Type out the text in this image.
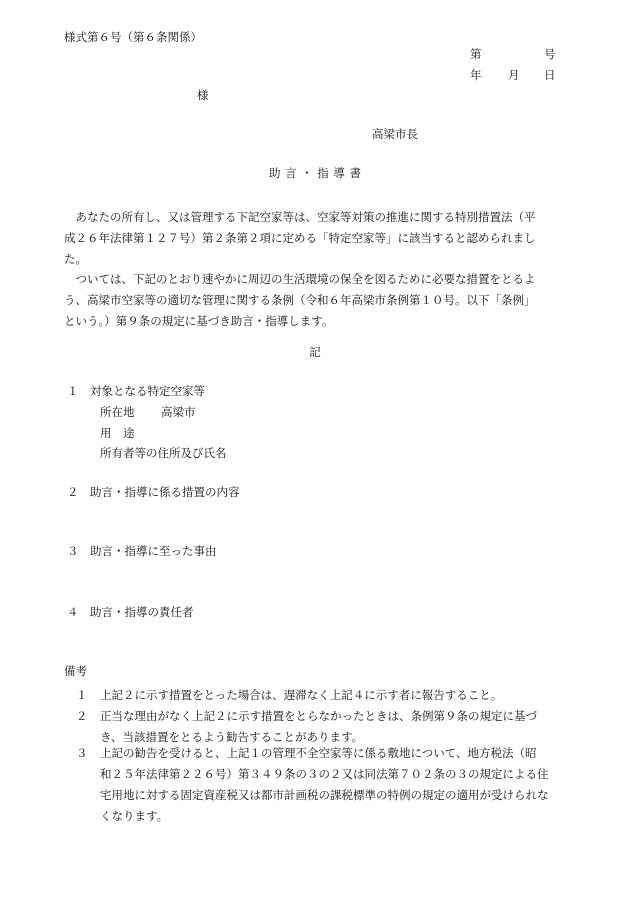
様式第６号（第６条関係）
第	号
年 月 日
様
高梁市長
助言・指導書
　あなたの所有し、又は管理する下記空家等は、空家等対策の推進に関する特別措置法（平
成２６年法律第１２７号）第２条第２項に定める「特定空家等」に該当すると認められまし
た。
　ついては、下記のとおり速やかに周辺の生活環境の保全を図るために必要な措置をとるよ
う、高梁市空家等の適切な管理に関する条例（令和６年高梁市条例第１０号。以下「条例」
という。）第９条の規定に基づき助言・指導します。
記
１　対象となる特定空家等
所在地 高梁市
用　途
所有者等の住所及び氏名
２　助言・指導に係る措置の内容
３　助言・指導に至った事由
４　助言・指導の責任者
備考
１	上記２に示す措置をとった場合は、遅滞なく上記４に示す者に報告すること。
２	正当な理由がなく上記２に示す措置をとらなかったときは、条例第９条の規定に基づ
き、当該措置をとるよう勧告することがあります。
３	上記の勧告を受けると、上記１の管理不全空家等に係る敷地について、地方税法（昭
和２５年法律第２２６号）第３４９条の３の２又は同法第７０２条の３の規定による住
宅用地に対する固定資産税又は都市計画税の課税標準の特例の規定の適用が受けられな
くなります。
